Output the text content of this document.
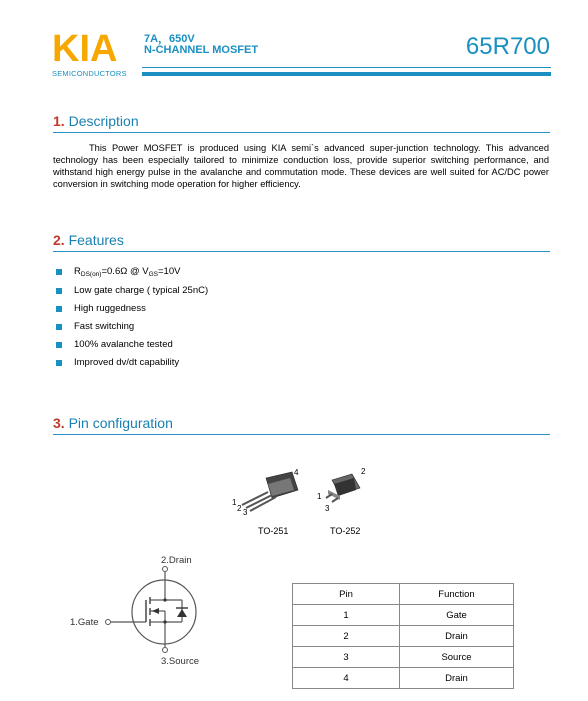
KIA
SEMICONDUCTORS
7A，650V
N-CHANNEL MOSFET	65R700
1. Description
This Power MOSFET is produced using KIA semi`s advanced super-junction technology. This advanced technology has been especially tailored to minimize conduction loss, provide superior switching performance, and withstand high energy pulse in the avalanche and commutation mode. These devices are well suited for AC/DC power conversion in switching mode operation for higher efficiency.
2. Features
$R_{DS(on)}=0.6\Omega$ @ $V_{GS}=10V$
Low gate charge ( typical 25nC)
High ruggedness
Fast switching
100% avalanche tested
Improved dv/dt capability
3. Pin configuration
4
1
2 3
2
1
3
TO-251	TO-252
2.Drain
1.Gate
3.Source
Pin	Function
1	Gate
2	Drain
3	Source
4	Drain
